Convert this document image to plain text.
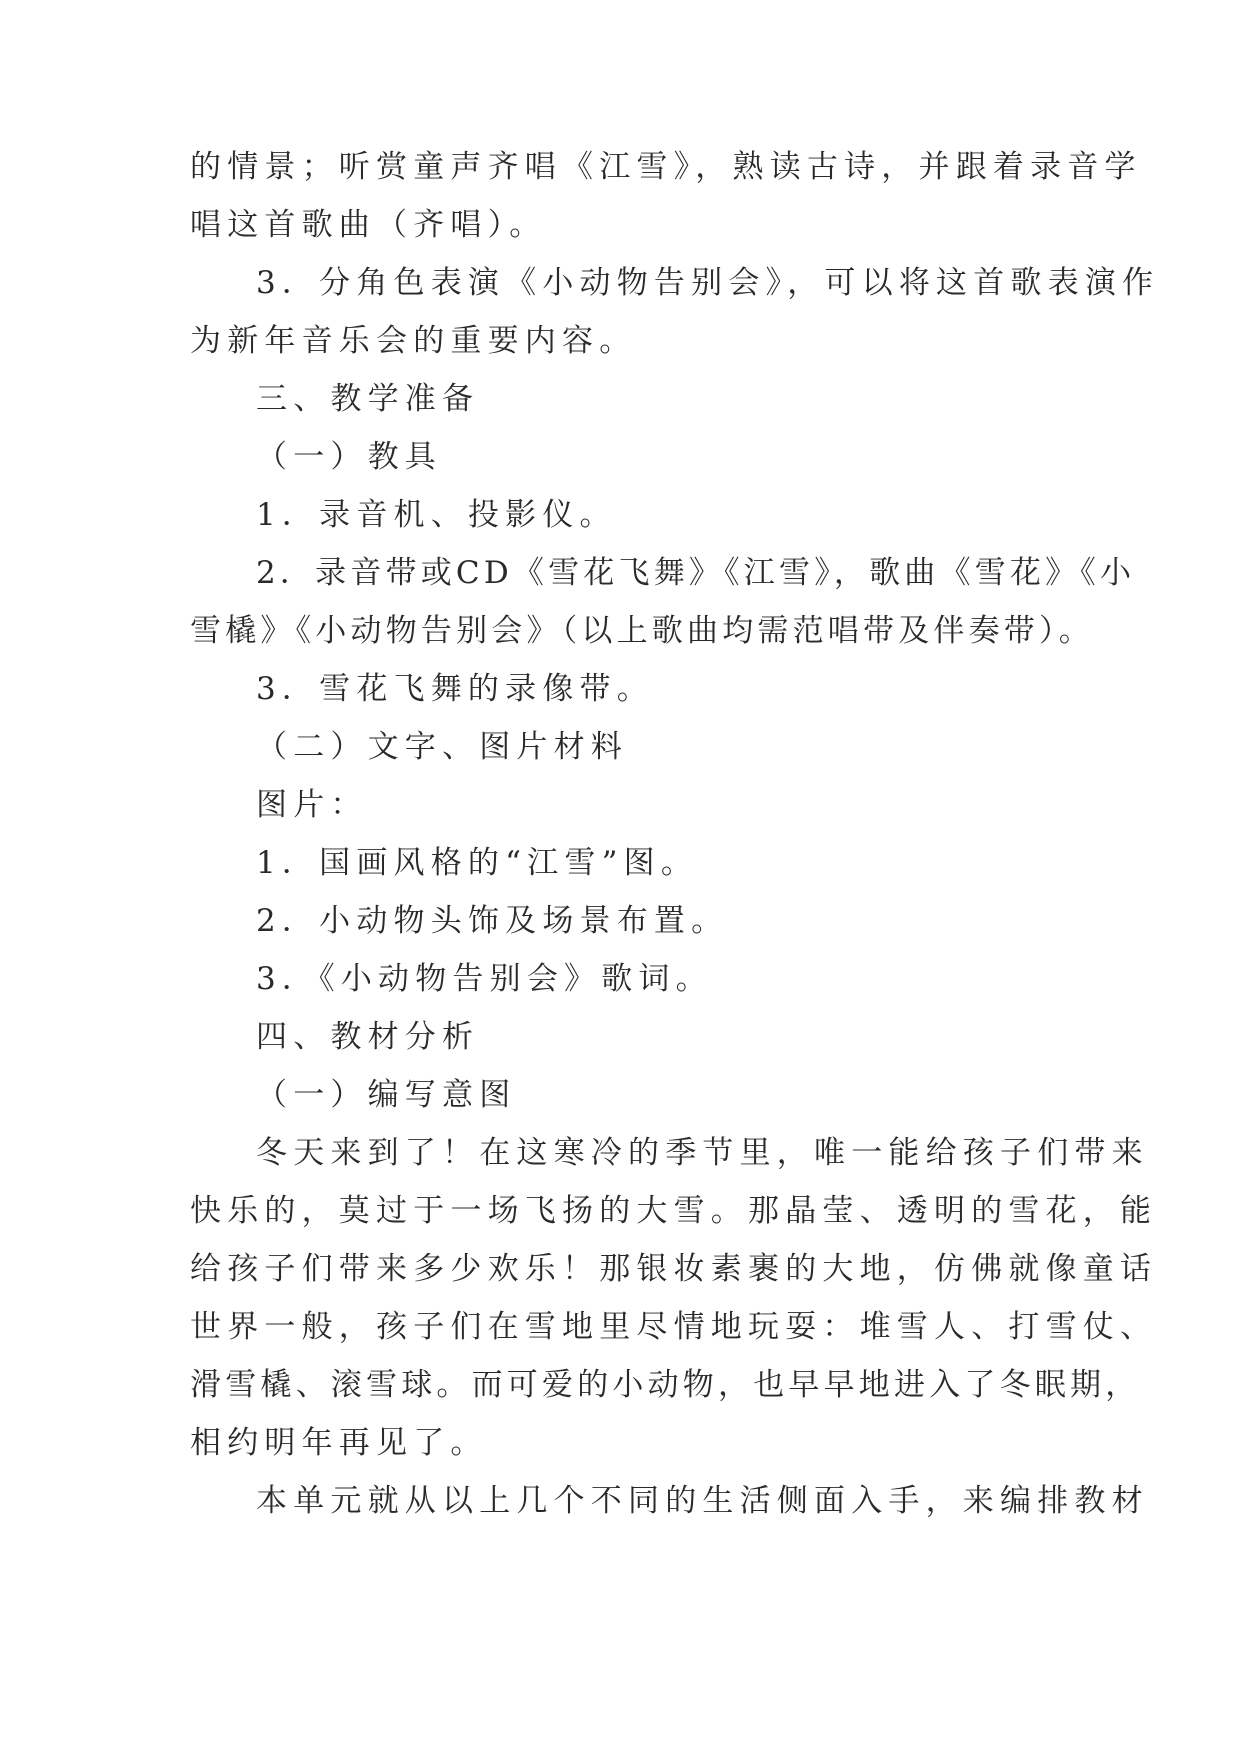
的情景；听赏童声齐唱《江雪》，熟读古诗，并跟着录音学
唱这首歌曲（齐唱）。
3．分角色表演《小动物告别会》，可以将这首歌表演作
为新年音乐会的重要内容。
三、教学准备
（一）教具
1．录音机、投影仪。
2．录音带或CD《雪花飞舞》《江雪》，歌曲《雪花》《小
雪橇》《小动物告别会》（以上歌曲均需范唱带及伴奏带）。
3．雪花飞舞的录像带。
（二）文字、图片材料
图片：
1．国画风格的“江雪”图。
2．小动物头饰及场景布置。
3．《小动物告别会》歌词。
四、教材分析
（一）编写意图
冬天来到了！在这寒冷的季节里，唯一能给孩子们带来
快乐的，莫过于一场飞扬的大雪。那晶莹、透明的雪花，能
给孩子们带来多少欢乐！那银妆素裹的大地，仿佛就像童话
世界一般，孩子们在雪地里尽情地玩耍：堆雪人、打雪仗、
滑雪橇、滚雪球。而可爱的小动物，也早早地进入了冬眠期，
相约明年再见了。
本单元就从以上几个不同的生活侧面入手，来编排教材
